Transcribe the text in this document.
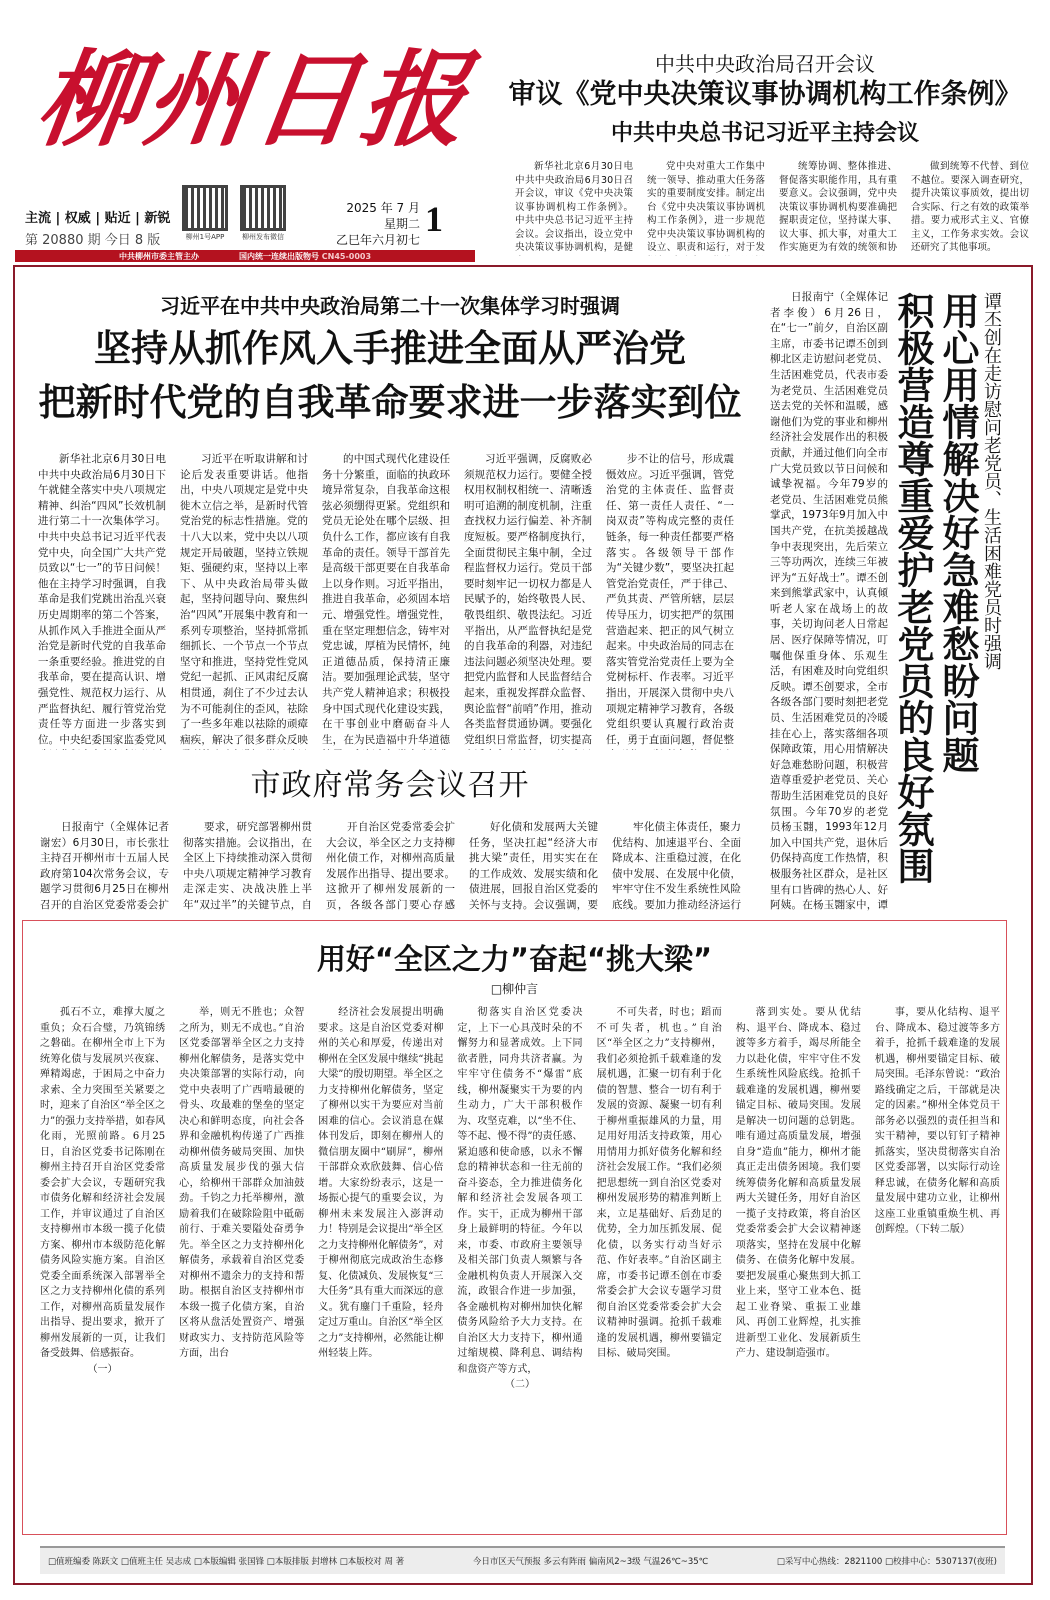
柳州日报	中共中央政治局召开会议
审议《党中央决策议事协调机构工作条例》
中共中央总书记习近平主持会议
主流 | 权威 | 贴近 | 新锐
第 20880 期 今日 8 版	柳州1号APP	柳州发布微信
2025 年 7 月
星期二
乙巳年六月初七
1
中共柳州市委主管主办	国内统一连续出版物号 CN45-0003
新华社北京6月30日电 中共中央政治局6月30日召开会议，审议《党中央决策议事协调机构工作条例》。中共中央总书记习近平主持会议。会议指出，设立党中央决策议事协调机构，是健
党中央对重大工作集中统一领导、推动重大任务落实的重要制度安排。制定出台《党中央决策议事协调机构工作条例》，进一步规范党中央决策议事协调机构的设立、职责和运行，对于发
统筹协调、整体推进、督促落实职能作用，具有重要意义。会议强调，党中央决策议事协调机构要准确把握职责定位，坚持谋大事、议大事、抓大事，对重大工作实施更为有效的统领和协
做到统筹不代替、到位不越位。要深入调查研究，提升决策议事质效，提出切合实际、行之有效的政策举措。要力戒形式主义、官僚主义，工作务求实效。会议还研究了其他事项。
习近平在中共中央政治局第二十一次集体学习时强调
坚持从抓作风入手推进全面从严治党
把新时代党的自我革命要求进一步落实到位
新华社北京6月30日电 中共中央政治局6月30日下午就健全落实中央八项规定精神、纠治“四风”长效机制进行第二十一次集体学习。中共中央总书记习近平代表党中央，向全国广大共产党员致以“七一”的节日问候！他在主持学习时强调，自我革命是我们党跳出治乱兴衰历史周期率的第二个答案，从抓作风入手推进全面从严治党是新时代党的自我革命一条重要经验。推进党的自我革命，要在提高认识、增强党性、规范权力运行、从严监督执纪、履行管党治党责任等方面进一步落实到位。中央纪委国家监委党风
习近平在听取讲解和讨论后发表重要讲话。他指出，中央八项规定是党中央徙木立信之举，是新时代管党治党的标志性措施。党的十八大以来，党中央以八项规定开局破题，坚持立铁规矩、强硬约束，坚持以上率下、从中央政治局带头做起，坚持问题导向、聚焦纠治“四风”开展集中教育和一系列专项整治，坚持抓常抓细抓长、一个节点一个节点坚守和推进，坚持党性党风党纪一起抓、正风肃纪反腐相贯通，刹住了不少过去认为不可能刹住的歪风，祛除了一些多年难以祛除的顽瘴痼疾，解决了很多群众反映
的中国式现代化建设任务十分繁重，面临的执政环境异常复杂，自我革命这根弦必须绷得更紧。党组织和党员无论处在哪个层级、担负什么工作，都应该有自我革命的责任。领导干部首先是高级干部更要在自我革命上以身作则。习近平指出，推进自我革命，必须固本培元、增强党性。增强党性，重在坚定理想信念，铸牢对党忠诚，厚植为民情怀，纯正道德品质，保持清正廉洁。要加强理论武装，坚守共产党人精神追求；积极投身中国式现代化建设实践，在干事创业中磨砺奋斗人生，在为民造福中升华道德
习近平强调，反腐败必须规范权力运行。要健全授权用权制权相统一、清晰透明可追溯的制度机制，注重查找权力运行偏差、补齐制度短板。要严格制度执行，全面贯彻民主集中制，全过程监督权力运行。党员干部要时刻牢记一切权力都是人民赋予的，始终敬畏人民、敬畏组织、敬畏法纪。习近平指出，从严监督执纪是党的自我革命的利器，对违纪违法问题必须坚决处理。要把党内监督和人民监督结合起来，重视发挥群众监督、舆论监督“前哨”作用，推动各类监督贯通协调。要强化党组织日常监督，切实提高
步不让的信号，形成震慑效应。习近平强调，管党治党的主体责任、监督责任、第一责任人责任、“一岗双责”等构成完整的责任链条，每一种责任都要严格落实。各级领导干部作为“关键少数”，要坚决扛起管党治党责任，严于律己、严负其责、严管所辖，层层传导压力，切实把严的氛围营造起来、把正的风气树立起来。中央政治局的同志在落实管党治党责任上要为全党树标杆、作表率。习近平指出，开展深入贯彻中央八项规定精神学习教育，各级党组织要认真履行政治责任，勇于直面问题，督促整
日报南宁（全媒体记者李俊）6月26日，在“七一”前夕，自治区副主席，市委书记谭丕创到柳北区走访慰问老党员、生活困难党员，代表市委为老党员、生活困难党员送去党的关怀和温暖，感谢他们为党的事业和柳州经济社会发展作出的积极贡献，并通过他们向全市广大党员致以节日问候和诚挚祝福。今年79岁的老党员、生活困难党员熊掌武，1973年9月加入中国共产党，在抗美援越战争中表现突出，先后荣立三等功两次，连续三年被评为“五好战士”。谭丕创来到熊掌武家中，认真倾听老人家在战场上的故事，关切询问老人日常起居、医疗保障等情况，叮嘱他保重身体、乐观生活，有困难及时向党组织反映。谭丕创要求，全市各级各部门要时刻把老党员、生活困难党员的冷暖挂在心上，落实落细各项保障政策，用心用情解决好急难愁盼问题，积极营造尊重爱护老党员、关心帮助生活困难党员的良好氛围。今年70岁的老党员杨玉翾，1993年12月加入中国共产党，退休后仍保持高度工作热情，积极服务社区群众，是社区里有口皆碑的热心人、好阿姨。在杨玉翾家中，谭
谭丕创在走访慰问老党员、生活困难党员时强调
用心用情解决好急难愁盼问题
积极营造尊重爱护老党员的良好氛围
市政府常务会议召开
日报南宁（全媒体记者谢宏）6月30日，市长张壮主持召开柳州市十五届人民政府第104次常务会议，专题学习贯彻6月25日在柳州召开的自治区党委常委会扩
要求，研究部署柳州贯彻落实措施。会议指出，在全区上下持续推动深入贯彻中央八项规定精神学习教育走深走实、决战决胜上半年“双过半”的关键节点，自
开自治区党委常委会扩大会议，举全区之力支持柳州化债工作，对柳州高质量发展作出指导、提出要求。这掀开了柳州发展新的一页，各级各部门要心存感
好化债和发展两大关键任务，坚决扛起“经济大市挑大梁”责任，用实实在在的工作成效、发展实绩和化债进展，回报自治区党委的关怀与支持。会议强调，要
牢化债主体责任，聚力优结构、加速退平台、全面降成本、注重稳过渡，在化债中发展、在发展中化债，牢牢守住不发生系统性风险底线。要加力推动经济运行
用好“全区之力”奋起“挑大梁”
□柳仲言
孤石不立，难撑大厦之重负；众石合璧，乃筑锦绣之磐础。在柳州全市上下为统筹化债与发展夙兴夜寐、殚精竭虑，于困局之中奋力求索、全力突围至关紧要之时，迎来了自治区“举全区之力”的强力支持举措，如春风化雨，光照前路。6月25日，自治区党委书记陈刚在柳州主持召开自治区党委常委会扩大会议，专题研究我市债务化解和经济社会发展工作，并审议通过了自治区支持柳州市本级一揽子化债方案、柳州市本级防范化解债务风险实施方案。自治区党委全面系统深入部署举全区之力支持柳州化债的系列工作，对柳州高质量发展作出指导、提出要求，掀开了柳州发展新的一页，让我们备受鼓舞、倍感振奋。

（一）

举，则无不胜也；众智之所为，则无不成也。”自治区党委部署举全区之力支持柳州化解债务，是落实党中央决策部署的实际行动，向党中央表明了广西啃最硬的骨头、攻最难的堡垒的坚定决心和鲜明态度，向社会各界和金融机构传递了广西推动柳州债务破局突围、加快高质量发展步伐的强大信心，给柳州干部群众加油鼓劲。千钧之力托举柳州，激励着我们在破除险阻中砥砺前行、于难关要隘处奋勇争先。举全区之力支持柳州化解债务，承载着自治区党委对柳州不遗余力的支持和帮助。根据自治区支持柳州市本级一揽子化债方案，自治区将从盘活处置资产、增强财政实力、支持防范风险等方面，出台
经济社会发展提出明确要求。这是自治区党委对柳州的关心和厚爱，传递出对柳州在全区发展中继续“挑起大梁”的殷切期望。举全区之力支持柳州化解债务，坚定了柳州以实干为要应对当前困难的信心。会议消息在媒体刊发后，即刻在柳州人的微信朋友圈中“刷屏”，柳州干部群众欢欣鼓舞、信心倍增。大家纷纷表示，这是一场振心提气的重要会议，为柳州未来发展注入澎湃动力！特别是会议提出“举全区之力支持柳州化解债务”，对于柳州彻底完成政治生态修复、化债减负、发展恢复“三大任务”具有重大而深远的意义。犹有鏖门千重险，轻舟定过万重山。自治区“举全区之力”支持柳州，必然能让柳州轻装上阵。
彻落实自治区党委决定，上下一心具茂时朵的不懈努力和显著成效。上下同欲者胜，同舟共济者赢。为牢牢守住债务不“爆雷”底线，柳州凝聚实干为要的内生动力，广大干部积极作为、攻坚克难，以“坐不住、等不起、慢不得”的责任感、紧迫感和使命感，以永不懈怠的精神状态和一往无前的奋斗姿态，全力推进债务化解和经济社会发展各项工作。实干，正成为柳州干部身上最鲜明的特征。今年以来，市委、市政府主要领导及相关部门负责人频繁与各金融机构负责人开展深入交流，政银合作进一步加强，各金融机构对柳州加快化解债务风险给予大力支持。在自治区大力支持下，柳州通过缩规模、降利息、调结构和盘资产等方式，

（二）

不可失者，时也；蹈而不可失者，机也。”自治区“举全区之力”支持柳州，我们必须抢抓千载难逢的发展机遇，汇聚一切有利于化债的智慧、整合一切有利于发展的资源、凝聚一切有利于柳州重振雄风的力量，用足用好用活支持政策，用心用情用力抓好债务化解和经济社会发展工作。“我们必须把思想统一到自治区党委对柳州发展形势的精准判断上来，立足基础好、后劲足的优势，全力加压抓发展、促化债，以务实行动当好示范、作好表率。”自治区副主席，市委书记谭丕创在市委常委会扩大会议专题学习贯彻自治区党委常委会扩大会议精神时强调。抢抓千载难逢的发展机遇，柳州要锚定目标、破局突围。
落到实处。要从优结构、退平台、降成本、稳过渡等多方着手，竭尽所能全力以赴化债，牢牢守住不发生系统性风险底线。抢抓千载难逢的发展机遇，柳州要锚定目标、破局突围。发展是解决一切问题的总钥匙。唯有通过高质量发展，增强自身“造血”能力，柳州才能真正走出债务困境。我们要统筹债务化解和高质量发展两大关键任务，用好自治区一揽子支持政策，将自治区党委常委会扩大会议精神逐项落实，坚持在发展中化解债务、在债务化解中发展。要把发展重心聚焦到大抓工业上来，坚守工业本色、挺起工业脊梁、重振工业雄风、再创工业辉煌，扎实推进新型工业化、发展新质生产力、建设制造强市。
事，要从化结构、退平台、降成本、稳过渡等多方着手，抢抓千载难逢的发展机遇，柳州要锚定目标、破局突围。毛泽东曾说：“政治路线确定之后，干部就是决定的因素。”柳州全体党员干部务必以强烈的责任担当和实干精神，要以钉钉子精神抓落实，坚决贯彻落实自治区党委部署，以实际行动诠释忠诚，在债务化解和高质量发展中建功立业，让柳州这座工业重镇重焕生机、再创辉煌。（下转二版）
□值班编委 陈跃文 □值班主任 吴志成 □本版编辑 张国锋 □本版排版 封增林 □本版校对 周 著	今日市区天气预报 多云有阵雨 偏南风2~3级 气温26℃~35℃	□采写中心热线：2821100 □校排中心：5307137(夜班)
